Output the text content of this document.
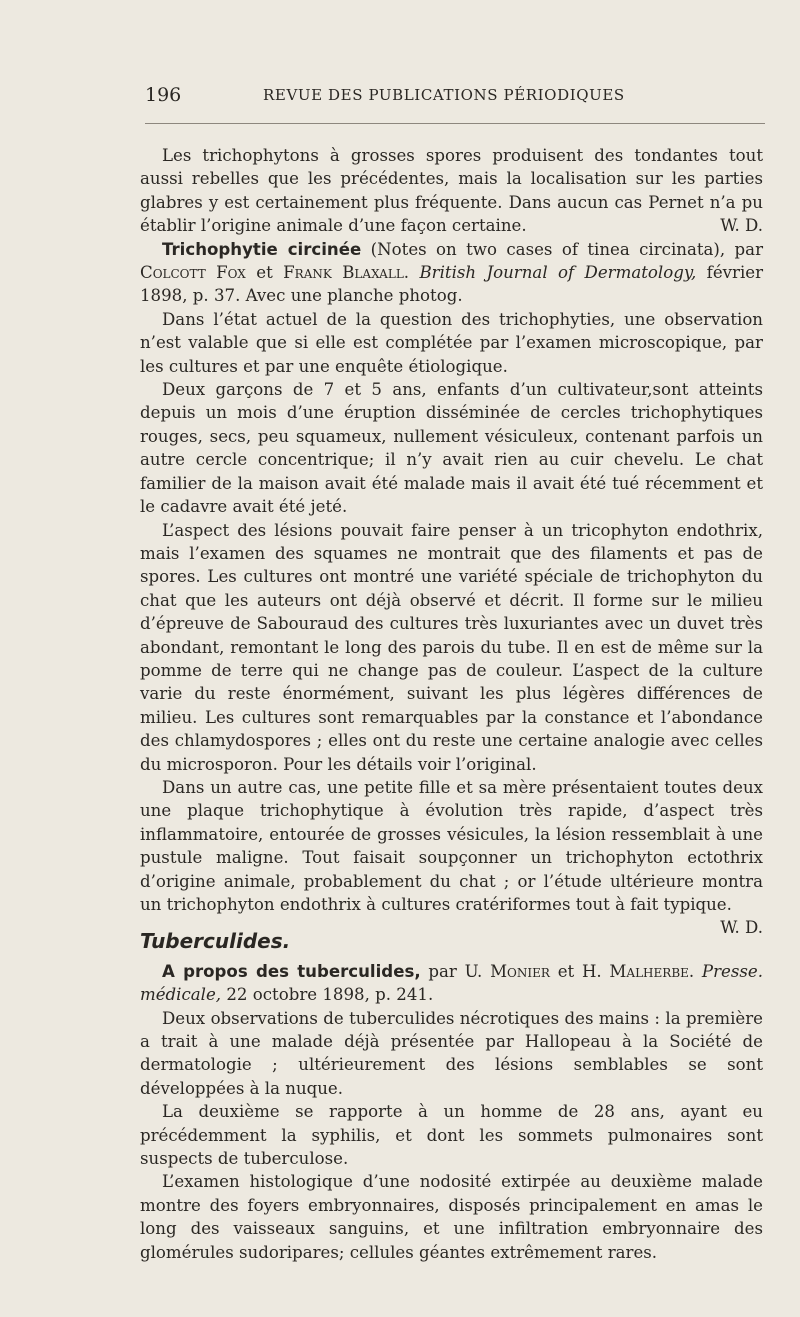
196	REVUE DES PUBLICATIONS PÉRIODIQUES

Les trichophytons à grosses spores produisent des tondantes tout aussi rebelles que les précédentes, mais la localisation sur les parties glabres y est certainement plus fréquente. Dans aucun cas Pernet n’a pu établir l’origine animale d’une façon certaine.	W. D.

Trichophytie circinée (Notes on two cases of tinea circinata), par Colcott Fox et Frank Blaxall. British Journal of Dermatology, février 1898, p. 37. Avec une planche photog.

Dans l’état actuel de la question des trichophyties, une observation n’est valable que si elle est complétée par l’examen microscopique, par les cultures et par une enquête étiologique.

Deux garçons de 7 et 5 ans, enfants d’un cultivateur,sont atteints depuis un mois d’une éruption disséminée de cercles trichophytiques rouges, secs, peu squameux, nullement vésiculeux, contenant parfois un autre cercle concentrique; il n’y avait rien au cuir chevelu. Le chat familier de la maison avait été malade mais il avait été tué récemment et le cadavre avait été jeté.

L’aspect des lésions pouvait faire penser à un tricophyton endothrix, mais l’examen des squames ne montrait que des filaments et pas de spores. Les cultures ont montré une variété spéciale de trichophyton du chat que les auteurs ont déjà observé et décrit. Il forme sur le milieu d’épreuve de Sabouraud des cultures très luxuriantes avec un duvet très abondant, remontant le long des parois du tube. Il en est de même sur la pomme de terre qui ne change pas de couleur. L’aspect de la culture varie du reste énormément, suivant les plus légères différences de milieu. Les cultures sont remarquables par la constance et l’abondance des chlamydospores ; elles ont du reste une certaine analogie avec celles du microsporon. Pour les détails voir l’original.

Dans un autre cas, une petite fille et sa mère présentaient toutes deux une plaque trichophytique à évolution très rapide, d’aspect très inflammatoire, entourée de grosses vésicules, la lésion ressemblait à une pustule maligne. Tout faisait soupçonner un trichophyton ectothrix d’origine animale, probablement du chat ; or l’étude ultérieure montra un trichophyton endothrix à cultures cratériformes tout à fait typique.
W. D.

Tuberculides.

A propos des tuberculides, par U. Monier et H. Malherbe. Presse. médicale, 22 octobre 1898, p. 241.

Deux observations de tuberculides nécrotiques des mains : la première a trait à une malade déjà présentée par Hallopeau à la Société de dermatologie ; ultérieurement des lésions semblables se sont développées à la nuque.

La deuxième se rapporte à un homme de 28 ans, ayant eu précédemment la syphilis, et dont les sommets pulmonaires sont suspects de tuberculose.

L’examen histologique d’une nodosité extirpée au deuxième malade montre des foyers embryonnaires, disposés principalement en amas le long des vaisseaux sanguins, et une infiltration embryonnaire des glomérules sudoripares; cellules géantes extrêmement rares.
